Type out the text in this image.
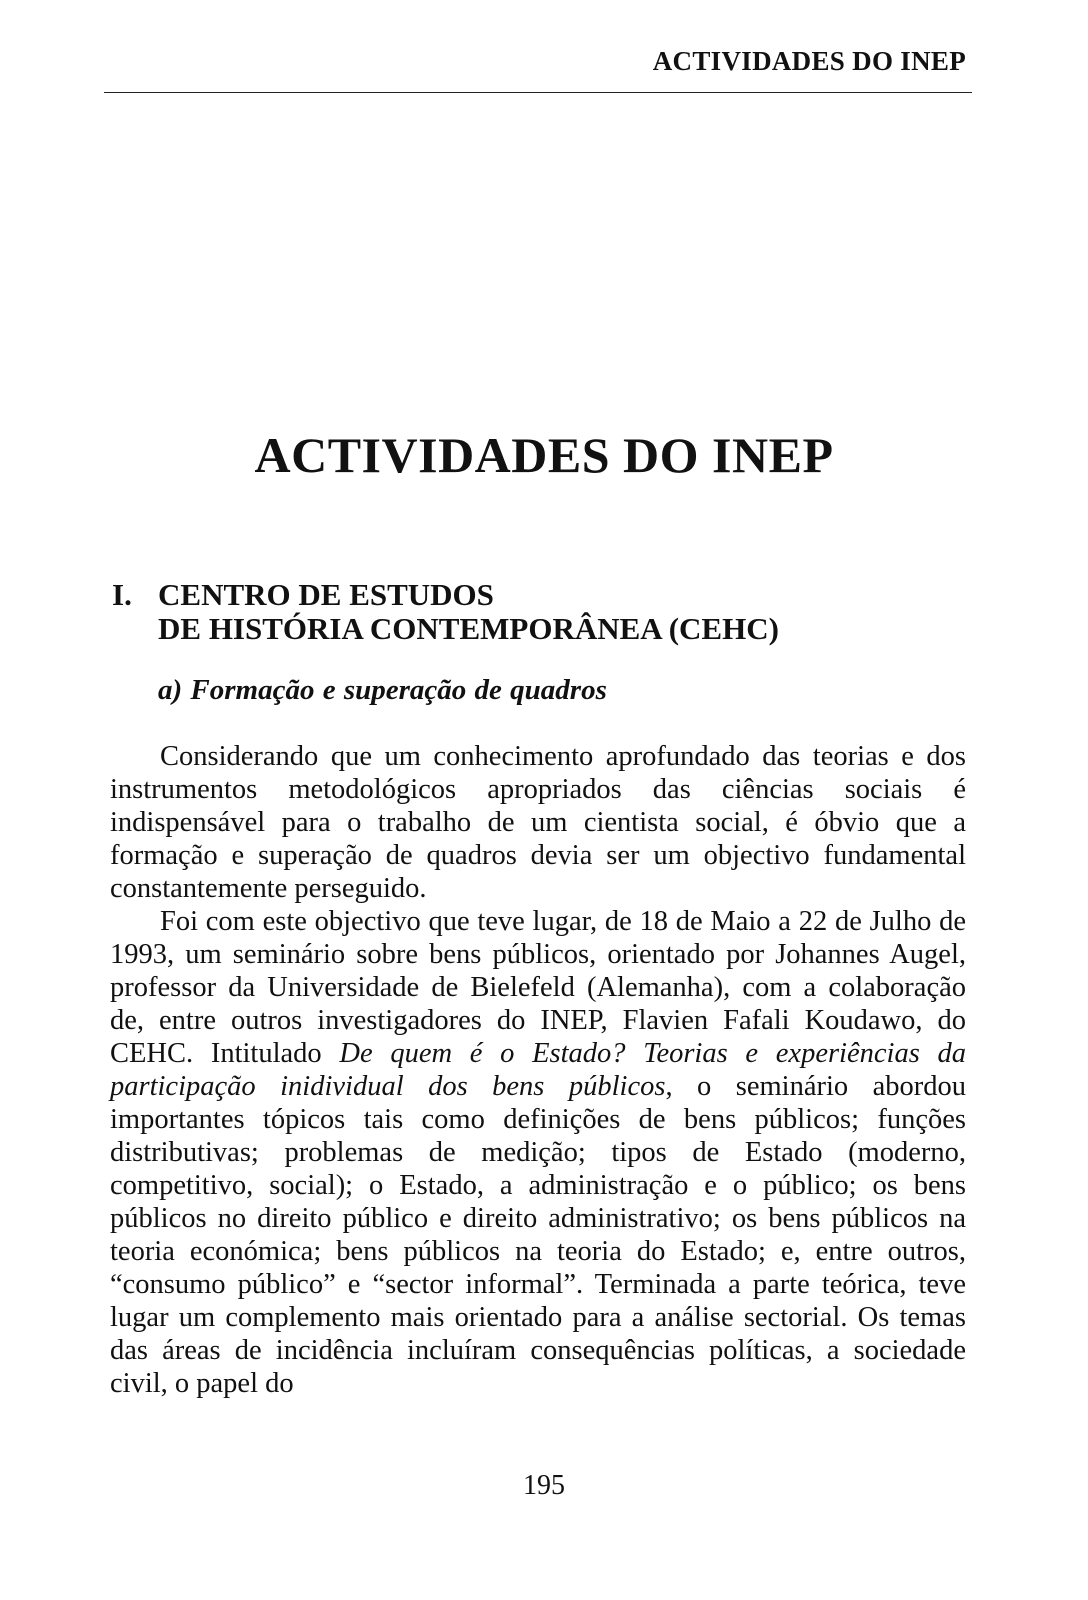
ACTIVIDADES DO INEP
ACTIVIDADES DO INEP
I. CENTRO DE ESTUDOS
DE HISTÓRIA CONTEMPORÂNEA (CEHC)
a) Formação e superação de quadros

Considerando que um conhecimento aprofundado das teorias e dos instrumentos metodológicos apropriados das ciências sociais é indispensável para o trabalho de um cientista social, é óbvio que a formação e superação de quadros devia ser um objectivo fundamental constantemente perseguido.

Foi com este objectivo que teve lugar, de 18 de Maio a 22 de Julho de 1993, um seminário sobre bens públicos, orientado por Johannes Augel, professor da Universidade de Bielefeld (Alemanha), com a colaboração de, entre outros investigadores do INEP, Flavien Fafali Koudawo, do CEHC. Intitulado De quem é o Estado? Teorias e experiências da participação inidividual dos bens públicos, o seminário abordou importantes tópicos tais como definições de bens públicos; funções distributivas; problemas de medição; tipos de Estado (moderno, competitivo, social); o Estado, a administração e o público; os bens públicos no direito público e direito administrativo; os bens públicos na teoria económica; bens públicos na teoria do Estado; e, entre outros, “consumo público” e “sector informal”. Terminada a parte teórica, teve lugar um complemento mais orientado para a análise sectorial. Os temas das áreas de incidência incluíram consequências políticas, a sociedade civil, o papel do

195
